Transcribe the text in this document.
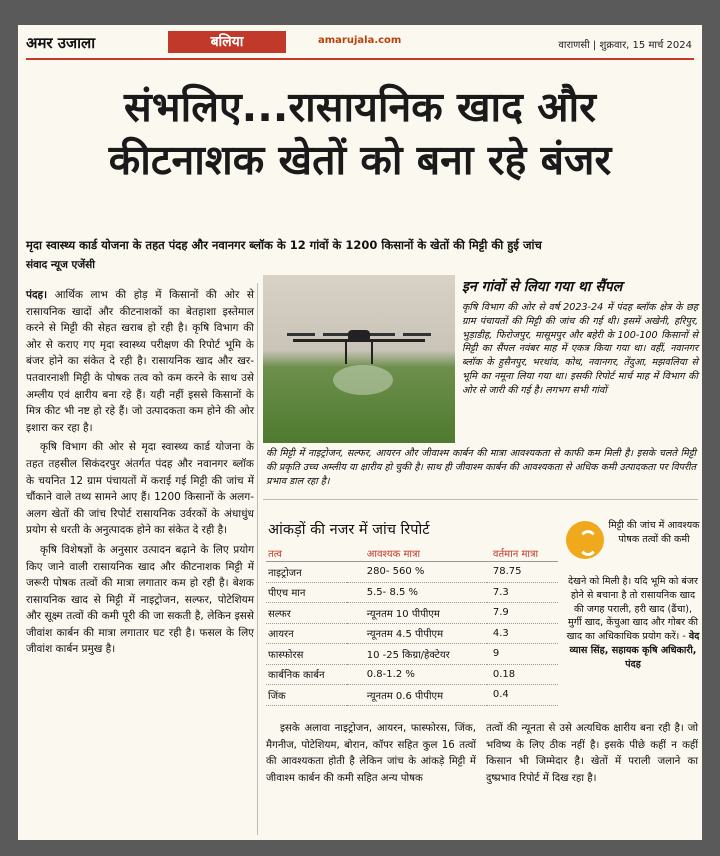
अमर उजाला	बलिया	amarujala.com	वाराणसी | शुक्रवार, 15 मार्च 2024
संभलिए...रासायनिक खाद और
कीटनाशक खेतों को बना रहे बंजर
मृदा स्वास्थ्य कार्ड योजना के तहत पंदह और नवानगर ब्लॉक के 12 गांवों के 1200 किसानों के खेतों की मिट्टी की हुई जांच
संवाद न्यूज एजेंसी

पंदह। आर्थिक लाभ की होड़ में किसानों की ओर से रासायनिक खादों और कीटनाशकों का बेतहाशा इस्तेमाल करने से मिट्टी की सेहत खराब हो रही है। कृषि विभाग की ओर से कराए गए मृदा स्वास्थ्य परीक्षण की रिपोर्ट भूमि के बंजर होने का संकेत दे रही है। रासायनिक खाद और खर-पतवारनाशी मिट्टी के पोषक तत्व को कम करने के साथ उसे अम्लीय एवं क्षारीय बना रहे हैं। यही नहीं इससे किसानों के मित्र कीट भी नष्ट हो रहे हैं। जो उत्पादकता कम होने की ओर इशारा कर रहा है।

कृषि विभाग की ओर से मृदा स्वास्थ्य कार्ड योजना के तहत तहसील सिकंदरपुर अंतर्गत पंदह और नवानगर ब्लॉक के चयनित 12 ग्राम पंचायतों में कराई गई मिट्टी की जांच में चौंकाने वाले तथ्य सामने आए हैं। 1200 किसानों के अलग-अलग खेतों की जांच रिपोर्ट रासायनिक उर्वरकों के अंधाधुंध प्रयोग से धरती के अनुत्पादक होने का संकेत दे रही है।

कृषि विशेषज्ञों के अनुसार उत्पादन बढ़ाने के लिए प्रयोग किए जाने वाली रासायनिक खाद और कीटनाशक मिट्टी में जरूरी पोषक तत्वों की मात्रा लगातार कम हो रही है। बेशक रासायनिक खाद से मिट्टी में नाइट्रोजन, सल्फर, पोटेशियम और सूक्ष्म तत्वों की कमी पूरी की जा सकती है, लेकिन इससे जीवांश कार्बन की मात्रा लगातार घट रही है। फसल के लिए जीवांश कार्बन प्रमुख है।

इन गांवों से लिया गया था सैंपल
कृषि विभाग की ओर से वर्ष 2023-24 में पंदह ब्लॉक क्षेत्र के छह ग्राम पंचायतों की मिट्टी की जांच की गई थी। इसमें अखेनी, हरिपुर, भुड़ाडीह, फिरोजपुर, मासूमपुर और बहेरी के 100-100 किसानों से मिट्टी का सैंपल नवंबर माह में एकत्र किया गया था। वहीं, नवानगर ब्लॉक के हुसैनपुर, भरथांव, कोथ, नवानगर, तेंदुआ, मझवलिया से भूमि का नमूना लिया गया था। इसकी रिपोर्ट मार्च माह में विभाग की ओर से जारी की गई है। लगभग सभी गांवों
की मिट्टी में नाइट्रोजन, सल्फर, आयरन और जीवाश्म कार्बन की मात्रा आवश्यकता से काफी कम मिली है। इसके चलते मिट्टी की प्रकृति उच्च अम्लीय या क्षारीय हो चुकी है। साथ ही जीवाश्म कार्बन की आवश्यकता से अधिक कमी उत्पादकता पर विपरीत प्रभाव डाल रहा है।
आंकड़ों की नजर में जांच रिपोर्ट
तत्व	आवश्यक मात्रा	वर्तमान मात्रा
नाइट्रोजन	280- 560 %	78.75
पीएच मान	5.5- 8.5 %	7.3
सल्फर	न्यूनतम 10 पीपीएम	7.9
आयरन	न्यूनतम 4.5 पीपीएम	4.3
फास्फोरस	10 -25 किग्रा/हेक्टेयर	9
कार्बनिक कार्बन	0.8-1.2 %	0.18
जिंक	न्यूनतम 0.6 पीपीएम	0.4
मिट्टी की जांच में आवश्यक पोषक तत्वों की कमी
देखने को मिली है। यदि भूमि को बंजर होने से बचाना है तो रासायनिक खाद की जगह पराली, हरी खाद (ढैंचा), मुर्गी खाद, केंचुआ खाद और गोबर की खाद का अधिकाधिक प्रयोग करें। - वेद व्यास सिंह, सहायक कृषि अधिकारी, पंदह
इसके अलावा नाइट्रोजन, आयरन, फास्फोरस, जिंक, मैगनीज, पोटेशियम, बोरान, कॉपर सहित कुल 16 तत्वों की आवश्यकता होती है लेकिन जांच के आंकड़े मिट्टी में जीवाश्म कार्बन की कमी सहित अन्य पोषक
तत्वों की न्यूनता से उसे अत्यधिक क्षारीय बना रही है। जो भविष्य के लिए ठीक नहीं है। इसके पीछे कहीं न कहीं किसान भी जिम्मेदार है। खेतों में पराली जलाने का दुष्प्रभाव रिपोर्ट में दिख रहा है।
